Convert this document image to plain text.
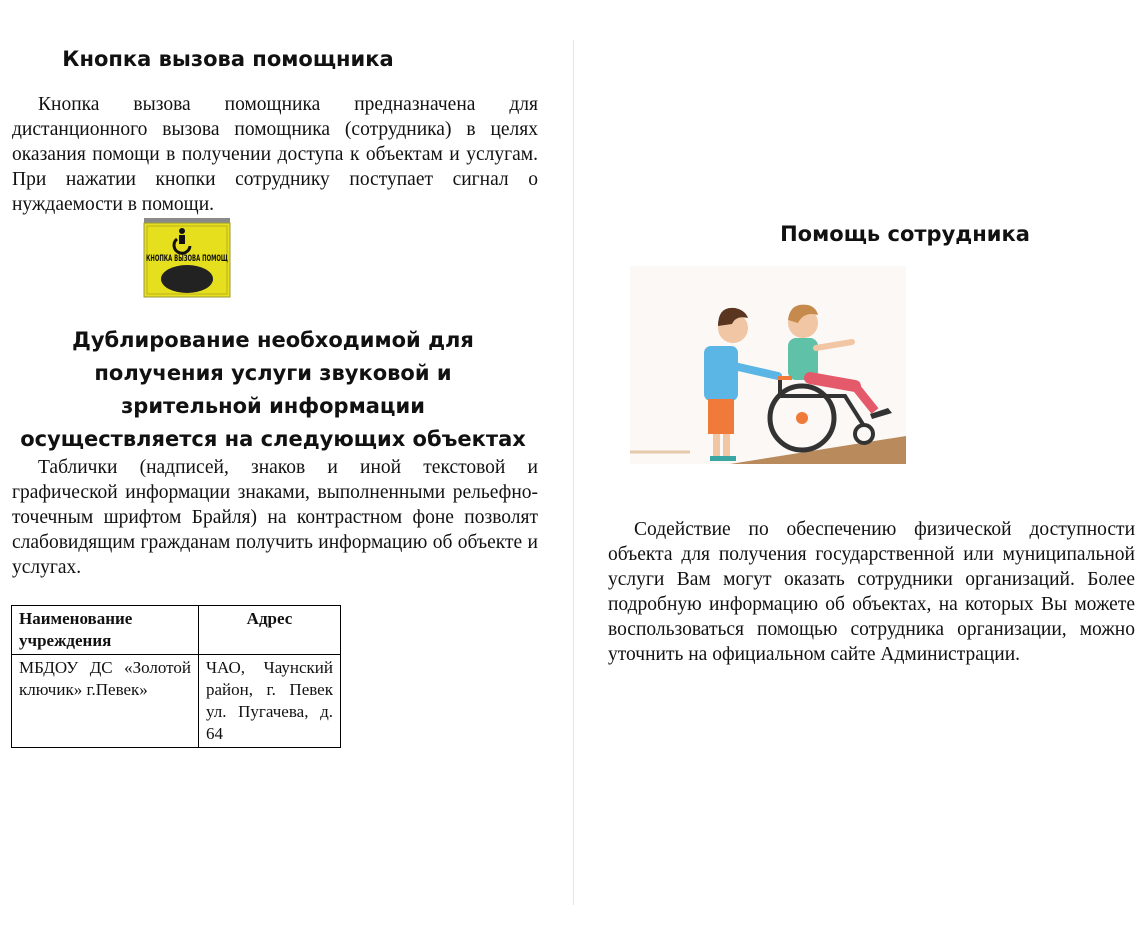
Кнопка вызова помощника
Кнопка вызова помощника предназначена для дистанционного вызова помощника (сотрудника) в целях оказания помощи в получении доступа к объектам и услугам. При нажатии кнопки сотруднику поступает сигнал о нуждаемости в помощи.
КНОПКА ВЫЗОВА ПОМОЩ
Дублирование необходимой для
получения услуги звуковой и
зрительной информации
осуществляется на следующих объектах
Таблички (надписей, знаков и иной текстовой и графической информации знаками, выполненными рельефно-точечным шрифтом Брайля) на контрастном фоне позволят слабовидящим гражданам получить информацию об объекте и услугах.
Наименование учреждения	Адрес
МБДОУ ДС «Золотой ключик» г.Певек»	ЧАО, Чаунский район, г. Певек ул. Пугачева, д. 64
Помощь сотрудника
Содействие по обеспечению физической доступности объекта для получения государственной или муниципальной услуги Вам могут оказать сотрудники организаций. Более подробную информацию об объектах, на которых Вы можете воспользоваться помощью сотрудника организации, можно уточнить на официальном сайте Администрации.
